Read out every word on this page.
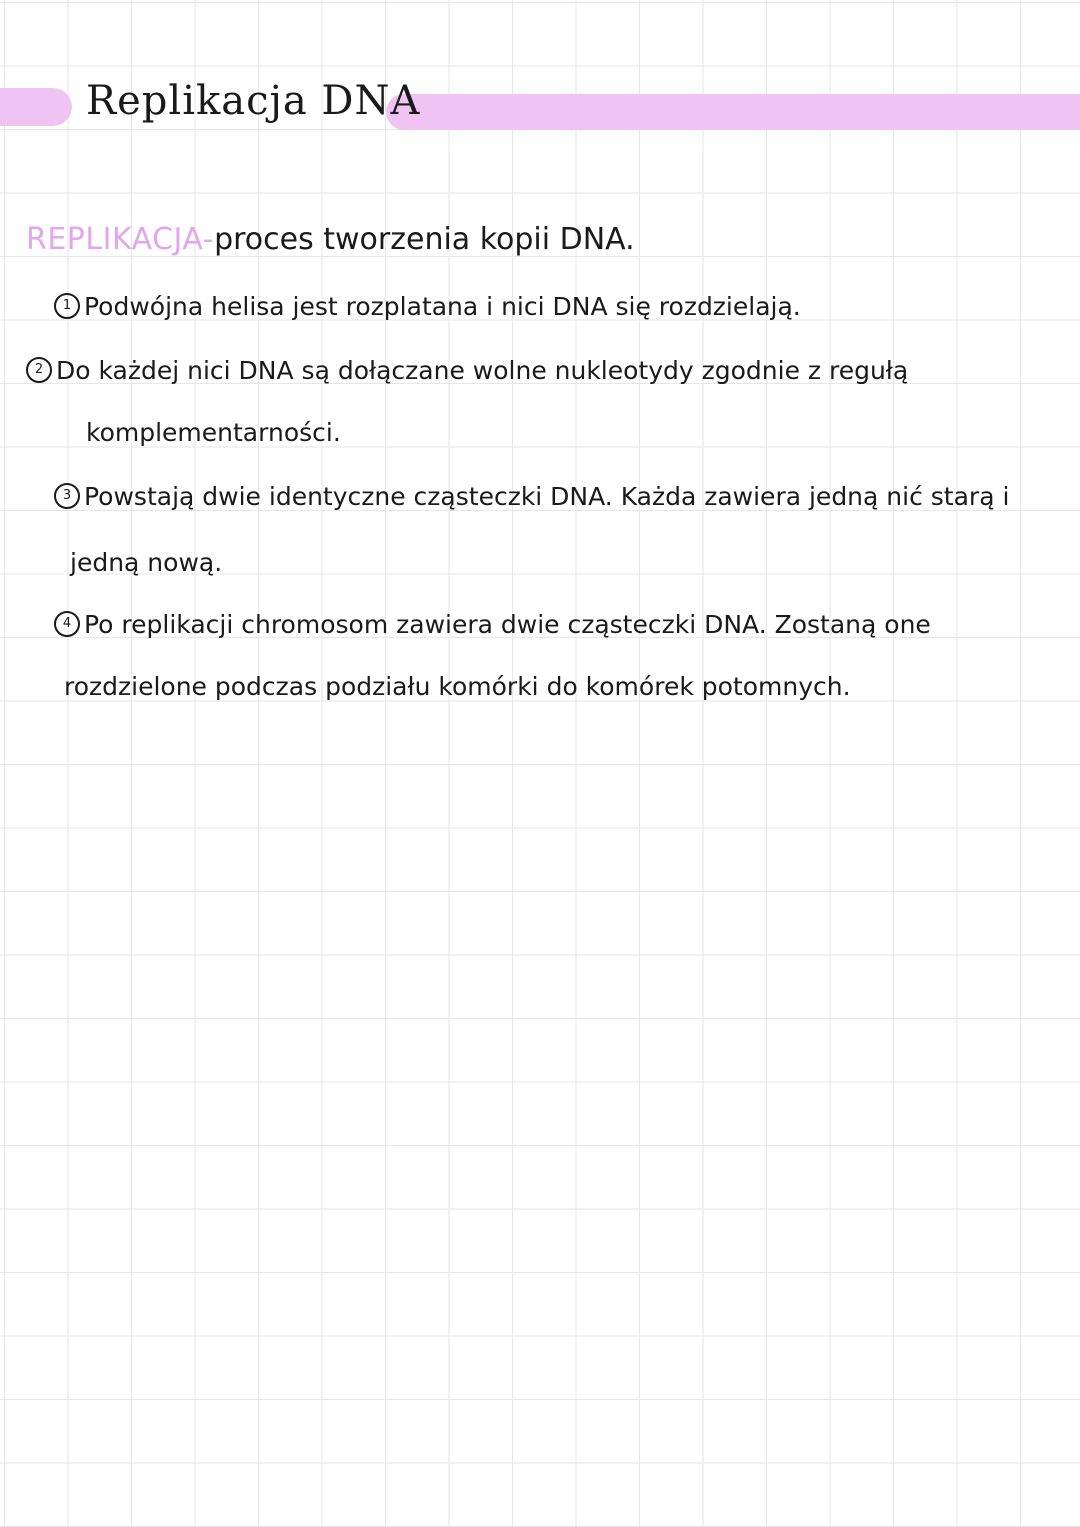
Replikacja DNA

REPLIKACJA-proces tworzenia kopii DNA.

1 Podwójna helisa jest rozplatana i nici DNA się rozdzielają.
2 Do każdej nici DNA są dołączane wolne nukleotydy zgodnie z regułą
komplementarności.
3 Powstają dwie identyczne cząsteczki DNA. Każda zawiera jedną nić starą i
jedną nową.
4 Po replikacji chromosom zawiera dwie cząsteczki DNA. Zostaną one
rozdzielone podczas podziału komórki do komórek potomnych.
